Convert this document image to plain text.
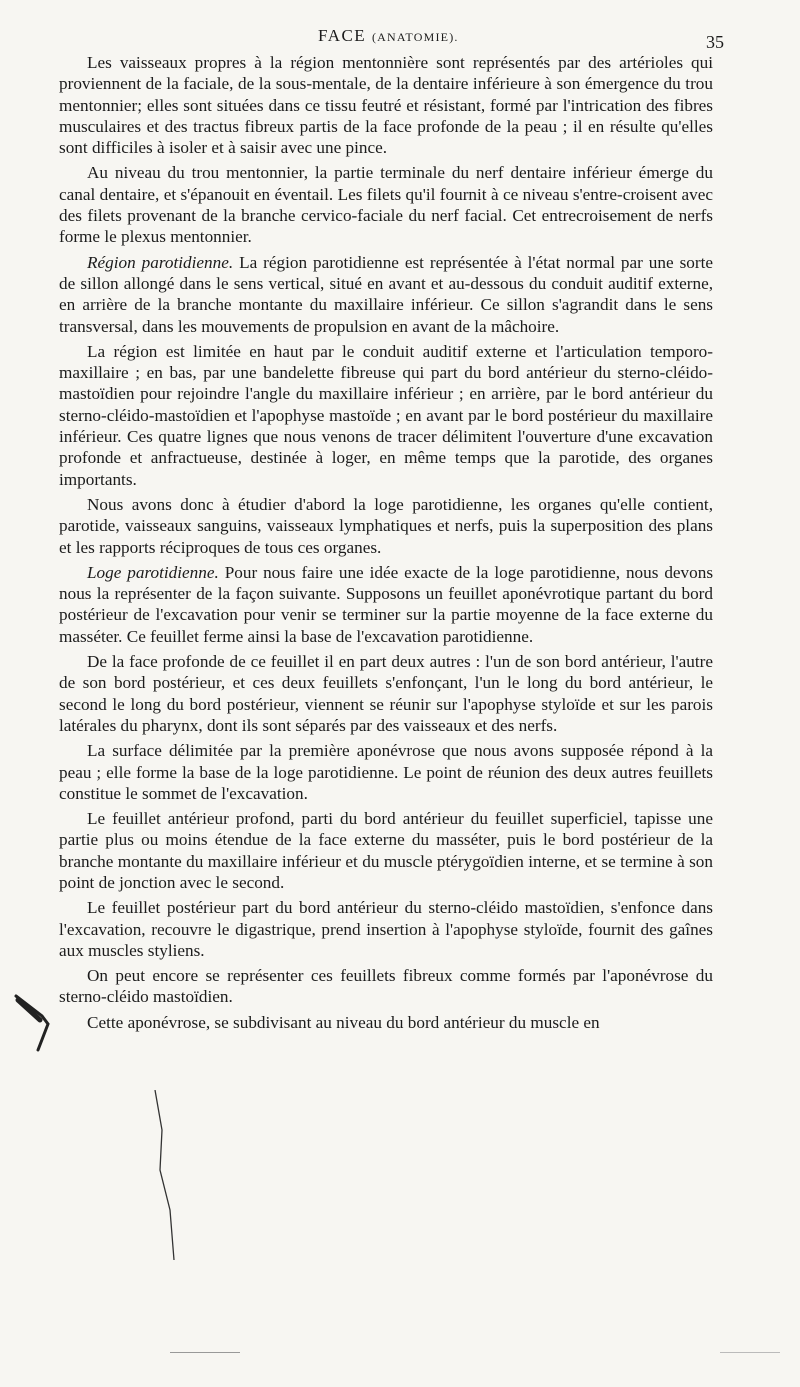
FACE (ANATOMIE).	35

Les vaisseaux propres à la région mentonnière sont représentés par des artérioles qui proviennent de la faciale, de la sous-mentale, de la dentaire inférieure à son émergence du trou mentonnier; elles sont situées dans ce tissu feutré et résistant, formé par l'intrication des fibres musculaires et des tractus fibreux partis de la face profonde de la peau ; il en résulte qu'elles sont difficiles à isoler et à saisir avec une pince.

Au niveau du trou mentonnier, la partie terminale du nerf dentaire inférieur émerge du canal dentaire, et s'épanouit en éventail. Les filets qu'il fournit à ce niveau s'entre-croisent avec des filets provenant de la branche cervico-faciale du nerf facial. Cet entrecroisement de nerfs forme le plexus mentonnier.

Région parotidienne. La région parotidienne est représentée à l'état normal par une sorte de sillon allongé dans le sens vertical, situé en avant et au-dessous du conduit auditif externe, en arrière de la branche montante du maxillaire inférieur. Ce sillon s'agrandit dans le sens transversal, dans les mouvements de propulsion en avant de la mâchoire.

La région est limitée en haut par le conduit auditif externe et l'articulation temporo-maxillaire ; en bas, par une bandelette fibreuse qui part du bord antérieur du sterno-cléido-mastoïdien pour rejoindre l'angle du maxillaire inférieur ; en arrière, par le bord antérieur du sterno-cléido-mastoïdien et l'apophyse mastoïde ; en avant par le bord postérieur du maxillaire inférieur. Ces quatre lignes que nous venons de tracer délimitent l'ouverture d'une excavation profonde et anfractueuse, destinée à loger, en même temps que la parotide, des organes importants.

Nous avons donc à étudier d'abord la loge parotidienne, les organes qu'elle contient, parotide, vaisseaux sanguins, vaisseaux lymphatiques et nerfs, puis la superposition des plans et les rapports réciproques de tous ces organes.

Loge parotidienne. Pour nous faire une idée exacte de la loge parotidienne, nous devons nous la représenter de la façon suivante. Supposons un feuillet aponévrotique partant du bord postérieur de l'excavation pour venir se terminer sur la partie moyenne de la face externe du masséter. Ce feuillet ferme ainsi la base de l'excavation parotidienne.

De la face profonde de ce feuillet il en part deux autres : l'un de son bord antérieur, l'autre de son bord postérieur, et ces deux feuillets s'enfonçant, l'un le long du bord antérieur, le second le long du bord postérieur, viennent se réunir sur l'apophyse styloïde et sur les parois latérales du pharynx, dont ils sont séparés par des vaisseaux et des nerfs.

La surface délimitée par la première aponévrose que nous avons supposée répond à la peau ; elle forme la base de la loge parotidienne. Le point de réunion des deux autres feuillets constitue le sommet de l'excavation.

Le feuillet antérieur profond, parti du bord antérieur du feuillet superficiel, tapisse une partie plus ou moins étendue de la face externe du masséter, puis le bord postérieur de la branche montante du maxillaire inférieur et du muscle ptérygoïdien interne, et se termine à son point de jonction avec le second.

Le feuillet postérieur part du bord antérieur du sterno-cléido mastoïdien, s'enfonce dans l'excavation, recouvre le digastrique, prend insertion à l'apophyse styloïde, fournit des gaînes aux muscles styliens.

On peut encore se représenter ces feuillets fibreux comme formés par l'aponévrose du sterno-cléido mastoïdien.

Cette aponévrose, se subdivisant au niveau du bord antérieur du muscle en
